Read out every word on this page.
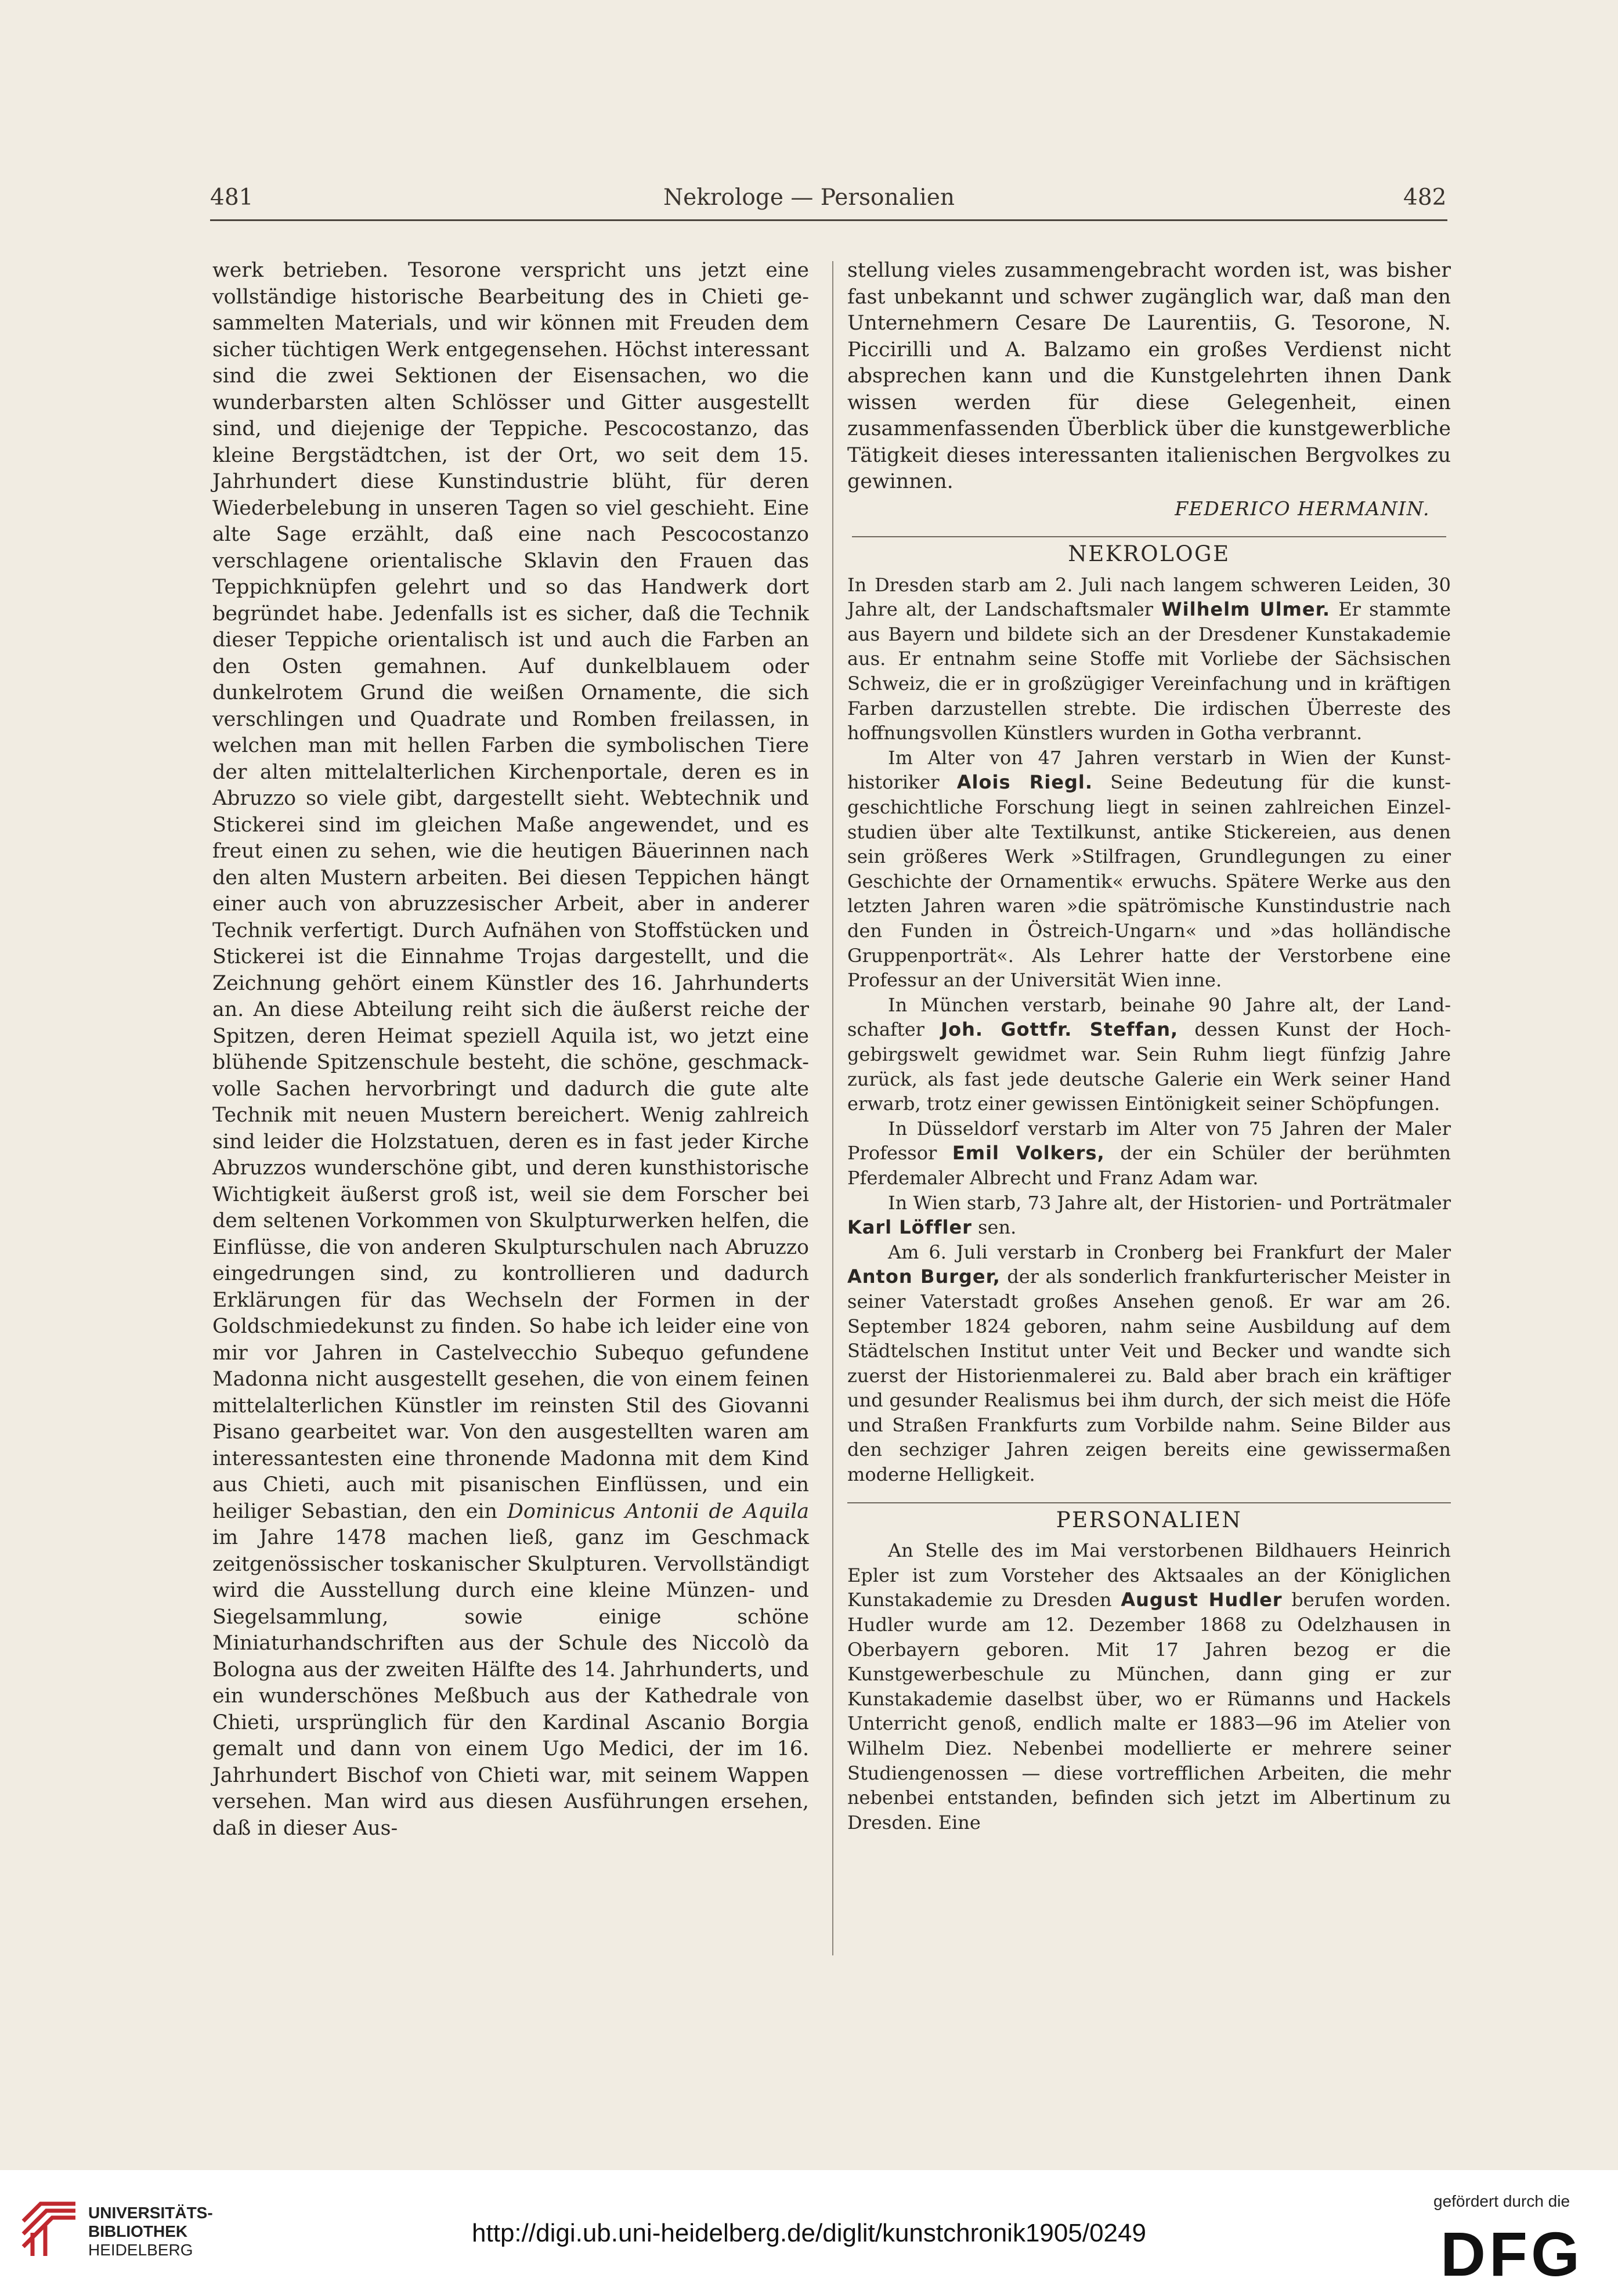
481	Nekrologe — Personalien	482

werk betrieben. Tesorone verspricht uns jetzt eine vollständige historische Bearbeitung des in Chieti gesammelten Materials, und wir können mit Freuden dem sicher tüchtigen Werk entgegensehen. Höchst interessant sind die zwei Sektionen der Eisensachen, wo die wunderbarsten alten Schlösser und Gitter ausgestellt sind, und diejenige der Teppiche. Pescocostanzo, das kleine Bergstädtchen, ist der Ort, wo seit dem 15. Jahrhundert diese Kunstindustrie blüht, für deren Wiederbelebung in unseren Tagen so viel geschieht. Eine alte Sage erzählt, daß eine nach Pescocostanzo verschlagene orientalische Sklavin den Frauen das Teppichknüpfen gelehrt und so das Handwerk dort begründet habe. Jedenfalls ist es sicher, daß die Technik dieser Teppiche orientalisch ist und auch die Farben an den Osten gemahnen. Auf dunkelblauem oder dunkelrotem Grund die weißen Ornamente, die sich verschlingen und Quadrate und Romben freilassen, in welchen man mit hellen Farben die symbolischen Tiere der alten mittelalterlichen Kirchenportale, deren es in Abruzzo so viele gibt, dargestellt sieht. Webtechnik und Stickerei sind im gleichen Maße angewendet, und es freut einen zu sehen, wie die heutigen Bäuerinnen nach den alten Mustern arbeiten. Bei diesen Teppichen hängt einer auch von abruzzesischer Arbeit, aber in anderer Technik verfertigt. Durch Aufnähen von Stoffstücken und Stickerei ist die Einnahme Trojas dargestellt, und die Zeichnung gehört einem Künstler des 16. Jahrhunderts an. An diese Abteilung reiht sich die äußerst reiche der Spitzen, deren Heimat speziell Aquila ist, wo jetzt eine blühende Spitzenschule besteht, die schöne, geschmackvolle Sachen hervorbringt und dadurch die gute alte Technik mit neuen Mustern bereichert. Wenig zahlreich sind leider die Holzstatuen, deren es in fast jeder Kirche Abruzzos wunderschöne gibt, und deren kunsthistorische Wichtigkeit äußerst groß ist, weil sie dem Forscher bei dem seltenen Vorkommen von Skulpturwerken helfen, die Einflüsse, die von anderen Skulpturschulen nach Abruzzo eingedrungen sind, zu kontrollieren und dadurch Erklärungen für das Wechseln der Formen in der Goldschmiedekunst zu finden. So habe ich leider eine von mir vor Jahren in Castelvecchio Subequo gefundene Madonna nicht ausgestellt gesehen, die von einem feinen mittelalterlichen Künstler im reinsten Stil des Giovanni Pisano gearbeitet war. Von den ausgestellten waren am interessantesten eine thronende Madonna mit dem Kind aus Chieti, auch mit pisanischen Einflüssen, und ein heiliger Sebastian, den ein Dominicus Antonii de Aquila im Jahre 1478 machen ließ, ganz im Geschmack zeitgenössischer toskanischer Skulpturen. Vervollständigt wird die Ausstellung durch eine kleine Münzen- und Siegelsammlung, sowie einige schöne Miniaturhandschriften aus der Schule des Niccolò da Bologna aus der zweiten Hälfte des 14. Jahrhunderts, und ein wunderschönes Meßbuch aus der Kathedrale von Chieti, ursprünglich für den Kardinal Ascanio Borgia gemalt und dann von einem Ugo Medici, der im 16. Jahrhundert Bischof von Chieti war, mit seinem Wappen versehen. Man wird aus diesen Ausführungen ersehen, daß in dieser Aus-

stellung vieles zusammengebracht worden ist, was bisher fast unbekannt und schwer zugänglich war, daß man den Unternehmern Cesare De Laurentiis, G. Tesorone, N. Piccirilli und A. Balzamo ein großes Verdienst nicht absprechen kann und die Kunstgelehrten ihnen Dank wissen werden für diese Gelegenheit, einen zusammenfassenden Überblick über die kunstgewerbliche Tätigkeit dieses interessanten italienischen Bergvolkes zu gewinnen.

FEDERICO HERMANIN.
NEKROLOGE

In Dresden starb am 2. Juli nach langem schweren Leiden, 30 Jahre alt, der Landschaftsmaler Wilhelm Ulmer. Er stammte aus Bayern und bildete sich an der Dresdener Kunstakademie aus. Er entnahm seine Stoffe mit Vorliebe der Sächsischen Schweiz, die er in großzügiger Vereinfachung und in kräftigen Farben darzustellen strebte. Die irdischen Überreste des hoffnungsvollen Künstlers wurden in Gotha verbrannt.

Im Alter von 47 Jahren verstarb in Wien der Kunsthistoriker Alois Riegl. Seine Bedeutung für die kunstgeschichtliche Forschung liegt in seinen zahlreichen Einzelstudien über alte Textilkunst, antike Stickereien, aus denen sein größeres Werk »Stilfragen, Grundlegungen zu einer Geschichte der Ornamentik« erwuchs. Spätere Werke aus den letzten Jahren waren »die spätrömische Kunstindustrie nach den Funden in Östreich-Ungarn« und »das holländische Gruppenporträt«. Als Lehrer hatte der Verstorbene eine Professur an der Universität Wien inne.

In München verstarb, beinahe 90 Jahre alt, der Landschafter Joh. Gottfr. Steffan, dessen Kunst der Hochgebirgswelt gewidmet war. Sein Ruhm liegt fünfzig Jahre zurück, als fast jede deutsche Galerie ein Werk seiner Hand erwarb, trotz einer gewissen Eintönigkeit seiner Schöpfungen.

In Düsseldorf verstarb im Alter von 75 Jahren der Maler Professor Emil Volkers, der ein Schüler der berühmten Pferdemaler Albrecht und Franz Adam war.

In Wien starb, 73 Jahre alt, der Historien- und Porträtmaler Karl Löffler sen.

Am 6. Juli verstarb in Cronberg bei Frankfurt der Maler Anton Burger, der als sonderlich frankfurterischer Meister in seiner Vaterstadt großes Ansehen genoß. Er war am 26. September 1824 geboren, nahm seine Ausbildung auf dem Städtelschen Institut unter Veit und Becker und wandte sich zuerst der Historienmalerei zu. Bald aber brach ein kräftiger und gesunder Realismus bei ihm durch, der sich meist die Höfe und Straßen Frankfurts zum Vorbilde nahm. Seine Bilder aus den sechziger Jahren zeigen bereits eine gewissermaßen moderne Helligkeit.

PERSONALIEN

An Stelle des im Mai verstorbenen Bildhauers Heinrich Epler ist zum Vorsteher des Aktsaales an der Königlichen Kunstakademie zu Dresden August Hudler berufen worden. Hudler wurde am 12. Dezember 1868 zu Odelzhausen in Oberbayern geboren. Mit 17 Jahren bezog er die Kunstgewerbeschule zu München, dann ging er zur Kunstakademie daselbst über, wo er Rümanns und Hackels Unterricht genoß, endlich malte er 1883—96 im Atelier von Wilhelm Diez. Nebenbei modellierte er mehrere seiner Studiengenossen — diese vortrefflichen Arbeiten, die mehr nebenbei entstanden, befinden sich jetzt im Albertinum zu Dresden. Eine

UNIVERSITÄTS-
BIBLIOTHEK
HEIDELBERG
http://digi.ub.uni-heidelberg.de/diglit/kunstchronik1905/0249
gefördert durch die
DFG
